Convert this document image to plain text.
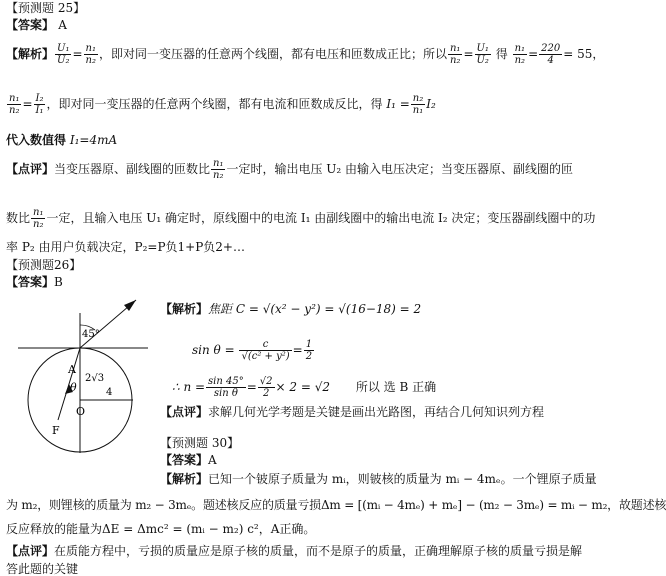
【预测题 25】
【答案】 A
【解析】 $\frac{\text{U₁}}{\text{U₂}} = \frac{\text{n₁}}{\text{n₂}}$ ，即对同一变压器的任意两个线圈，都有电压和匝数成正比；所以 $\frac{\text{n₁}}{\text{n₂}} = \frac{\text{U₁}}{\text{U₂}}$ 得 $\frac{\text{n₁}}{\text{n₂}} = \frac{220}{4} = 55$，
$\frac{\text{n₁}}{\text{n₂}} = \frac{\text{I₂}}{\text{I₁}}$ ，即对同一变压器的任意两个线圈，都有电流和匝数成反比，得 $I_1 = \frac{\text{n₂}}{\text{n₁}} I_2$
代入数值得 I₁=4mA
【点评】当变压器原、副线圈的匝数比 $\frac{\text{n₁}}{\text{n₂}}$ 一定时，输出电压 U₂ 由输入电压决定；当变压器原、副线圈的匝
数比 $\frac{\text{n₁}}{\text{n₂}}$ 一定，且输入电压 U₁ 确定时，原线圈中的电流 I₁ 由副线圈中的输出电流 I₂ 决定；变压器副线圈中的功
率 P₂ 由用户负载决定，P₂=P负1+P负2+…
【预测题26】
【答案】B
45°
A
θ
2√3
4
F
O
【解析】焦距 C = √(x² − y²) = √(16−18) = 2
$\sin \theta = \frac{c}{\text{√(c² + y²)}} = \frac{1}{2}$
∴ $n = \frac{\sin 45^\circ}{\text{sin θ}} = \frac{√2}{2} \times 2 = √2$ 所以 选 B 正确
【点评】求解几何光学考题是关键是画出光路图，再结合几何知识列方程
【预测题 30】
【答案】A
【解析】已知一个铍原子质量为 mᵢ，则铍核的质量为 mᵢ − 4mₑ。一个锂原子质量
为 m₂，则锂核的质量为 m₂ − 3mₑ。题述核反应的质量亏损Δm = [(mᵢ − 4mₑ) + mₑ] − (m₂ − 3mₑ) = mᵢ − m₂，故题述核
反应释放的能量为ΔE = Δmc² = (mᵢ − m₂) c²，A正确。
【点评】在质能方程中，亏损的质量应是原子核的质量，而不是原子的质量，正确理解原子核的质量亏损是解
答此题的关键
